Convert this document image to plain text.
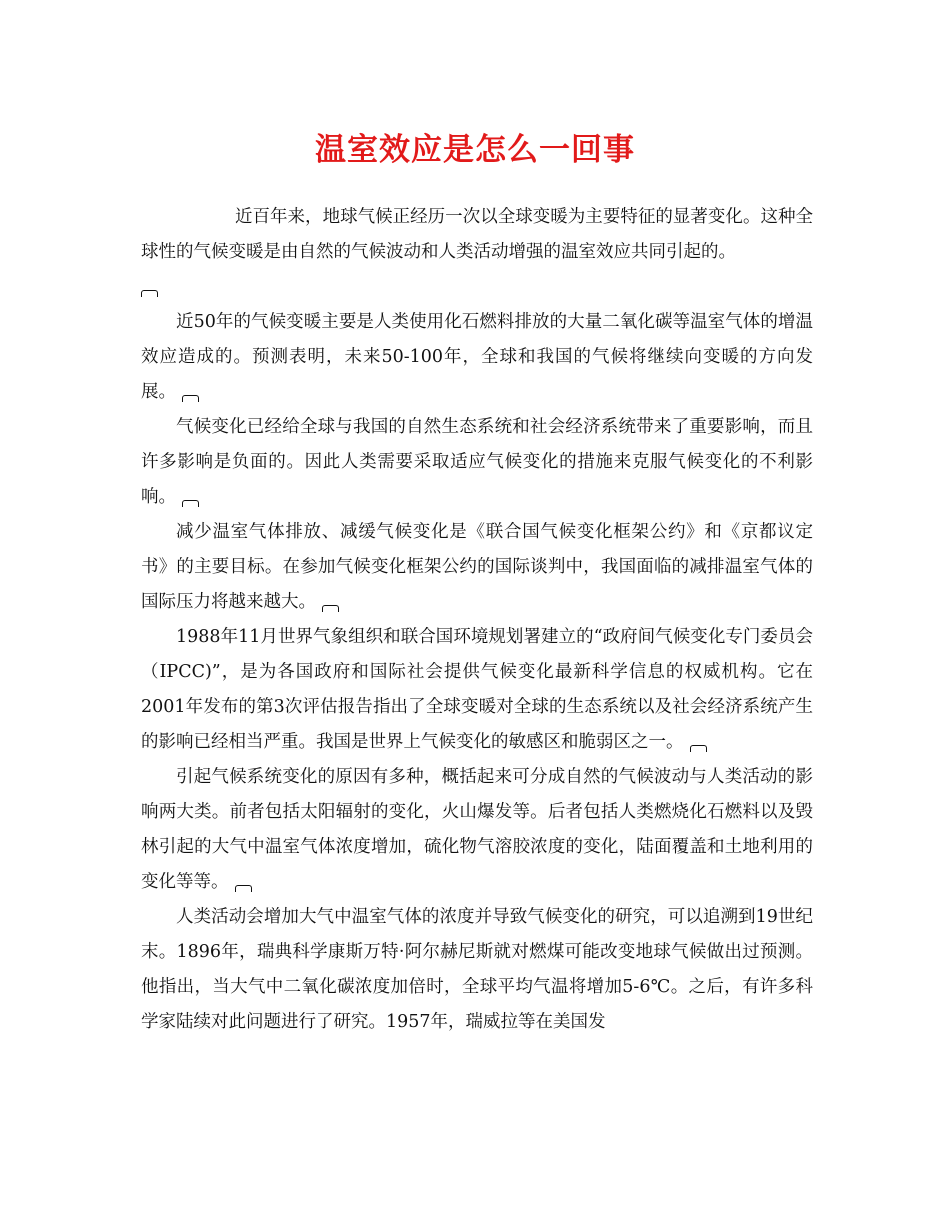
温室效应是怎么一回事

近百年来，地球气候正经历一次以全球变暖为主要特征的显著变化。这种全球性的气候变暖是由自然的气候波动和人类活动增强的温室效应共同引起的。

近50年的气候变暖主要是人类使用化石燃料排放的大量二氧化碳等温室气体的增温效应造成的。预测表明，未来50-100年，全球和我国的气候将继续向变暖的方向发展。

气候变化已经给全球与我国的自然生态系统和社会经济系统带来了重要影响，而且许多影响是负面的。因此人类需要采取适应气候变化的措施来克服气候变化的不利影响。

减少温室气体排放、减缓气候变化是《联合国气候变化框架公约》和《京都议定书》的主要目标。在参加气候变化框架公约的国际谈判中，我国面临的减排温室气体的国际压力将越来越大。

1988年11月世界气象组织和联合国环境规划署建立的“政府间气候变化专门委员会（IPCC)”，是为各国政府和国际社会提供气候变化最新科学信息的权威机构。它在2001年发布的第3次评估报告指出了全球变暖对全球的生态系统以及社会经济系统产生的影响已经相当严重。我国是世界上气候变化的敏感区和脆弱区之一。

引起气候系统变化的原因有多种，概括起来可分成自然的气候波动与人类活动的影响两大类。前者包括太阳辐射的变化，火山爆发等。后者包括人类燃烧化石燃料以及毁林引起的大气中温室气体浓度增加，硫化物气溶胶浓度的变化，陆面覆盖和土地利用的变化等等。

人类活动会增加大气中温室气体的浓度并导致气候变化的研究，可以追溯到19世纪末。1896年，瑞典科学康斯万特·阿尔赫尼斯就对燃煤可能改变地球气候做出过预测。他指出，当大气中二氧化碳浓度加倍时，全球平均气温将增加5-6℃。之后，有许多科学家陆续对此问题进行了研究。1957年，瑞威拉等在美国发
